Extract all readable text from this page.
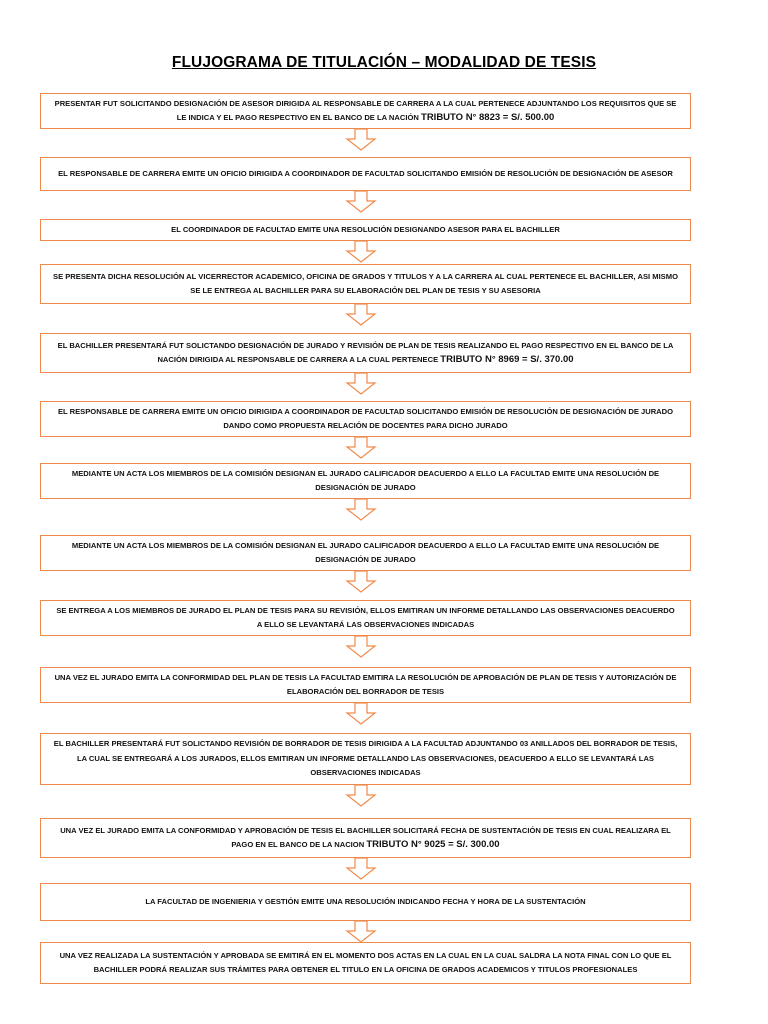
FLUJOGRAMA DE TITULACIÓN – MODALIDAD DE TESIS
PRESENTAR FUT SOLICITANDO DESIGNACIÓN DE ASESOR DIRIGIDA AL RESPONSABLE DE CARRERA A LA CUAL PERTENECE ADJUNTANDO LOS REQUISITOS QUE SE LE INDICA Y EL PAGO RESPECTIVO EN EL BANCO DE LA NACIÓN TRIBUTO N° 8823 = S/. 500.00
EL RESPONSABLE DE CARRERA EMITE UN OFICIO DIRIGIDA A COORDINADOR DE FACULTAD SOLICITANDO EMISIÓN DE RESOLUCIÓN DE DESIGNACIÓN DE ASESOR
EL COORDINADOR DE FACULTAD EMITE UNA RESOLUCIÓN DESIGNANDO ASESOR PARA EL BACHILLER
SE PRESENTA DICHA RESOLUCIÓN AL VICERRECTOR ACADEMICO, OFICINA DE GRADOS Y TITULOS Y A LA CARRERA AL CUAL PERTENECE EL BACHILLER, ASI MISMO SE LE ENTREGA AL BACHILLER PARA SU ELABORACIÓN DEL PLAN DE TESIS Y SU ASESORIA
EL BACHILLER PRESENTARÁ FUT SOLICTANDO DESIGNACIÓN DE JURADO Y REVISIÓN DE PLAN DE TESIS REALIZANDO EL PAGO RESPECTIVO EN EL BANCO DE LA NACIÓN DIRIGIDA AL RESPONSABLE DE CARRERA A LA CUAL PERTENECE TRIBUTO N° 8969 = S/. 370.00
EL RESPONSABLE DE CARRERA EMITE UN OFICIO DIRIGIDA A COORDINADOR DE FACULTAD SOLICITANDO EMISIÓN DE RESOLUCIÓN DE DESIGNACIÓN DE JURADO DANDO COMO PROPUESTA RELACIÓN DE DOCENTES PARA DICHO JURADO
MEDIANTE UN ACTA LOS MIEMBROS DE LA COMISIÓN DESIGNAN EL JURADO CALIFICADOR DEACUERDO A ELLO LA FACULTAD EMITE UNA RESOLUCIÓN DE DESIGNACIÓN DE JURADO
MEDIANTE UN ACTA LOS MIEMBROS DE LA COMISIÓN DESIGNAN EL JURADO CALIFICADOR DEACUERDO A ELLO LA FACULTAD EMITE UNA RESOLUCIÓN DE DESIGNACIÓN DE JURADO
SE ENTREGA A LOS MIEMBROS DE JURADO EL PLAN DE TESIS PARA SU REVISIÓN, ELLOS EMITIRAN UN INFORME DETALLANDO LAS OBSERVACIONES DEACUERDO A ELLO SE LEVANTARÁ LAS OBSERVACIONES INDICADAS
UNA VEZ EL JURADO EMITA LA CONFORMIDAD DEL PLAN DE TESIS LA FACULTAD EMITIRA LA RESOLUCIÓN DE APROBACIÓN DE PLAN DE TESIS Y AUTORIZACIÓN DE ELABORACIÓN DEL BORRADOR DE TESIS
EL BACHILLER PRESENTARÁ FUT SOLICTANDO REVISIÓN DE BORRADOR DE TESIS DIRIGIDA A LA FACULTAD ADJUNTANDO 03 ANILLADOS DEL BORRADOR DE TESIS, LA CUAL SE ENTREGARÁ A LOS JURADOS, ELLOS EMITIRAN UN INFORME DETALLANDO LAS OBSERVACIONES, DEACUERDO A ELLO SE LEVANTARÁ LAS OBSERVACIONES INDICADAS
UNA VEZ EL JURADO EMITA LA CONFORMIDAD Y APROBACIÓN DE TESIS EL BACHILLER SOLICITARÁ FECHA DE SUSTENTACIÓN DE TESIS EN CUAL REALIZARA EL PAGO EN EL BANCO DE LA NACION TRIBUTO N° 9025 = S/. 300.00
LA FACULTAD DE INGENIERIA Y GESTIÓN EMITE UNA RESOLUCIÓN INDICANDO FECHA Y HORA DE LA SUSTENTACIÓN
UNA VEZ REALIZADA LA SUSTENTACIÓN Y APROBADA SE EMITIRÁ EN EL MOMENTO DOS ACTAS EN LA CUAL EN LA CUAL SALDRA LA NOTA FINAL CON LO QUE EL BACHILLER PODRÁ REALIZAR SUS TRÁMITES PARA OBTENER EL TITULO EN LA OFICINA DE GRADOS ACADEMICOS Y TITULOS PROFESIONALES
